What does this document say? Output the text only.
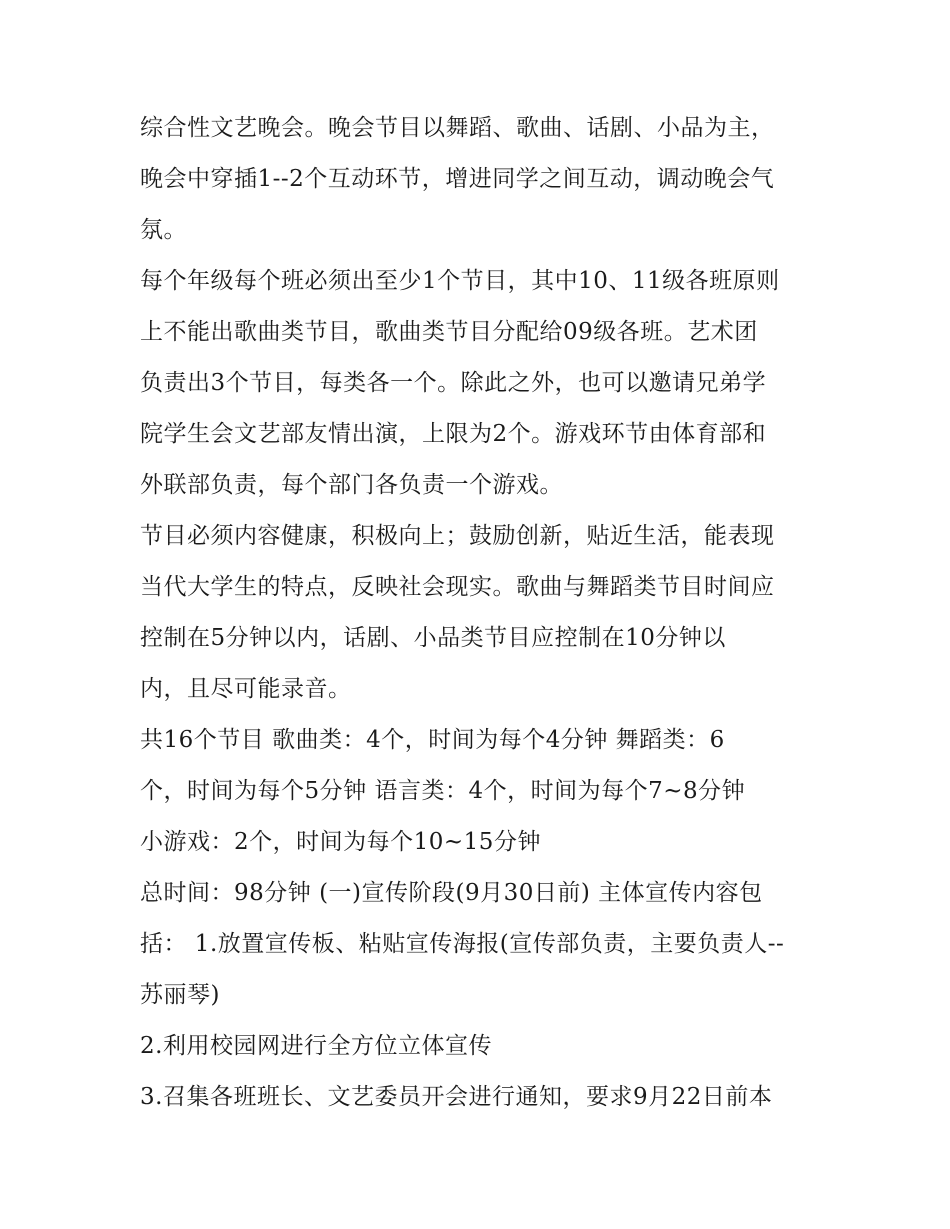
综合性文艺晚会。晚会节目以舞蹈、歌曲、话剧、小品为主，
晚会中穿插1--2个互动环节，增进同学之间互动，调动晚会气
氛。
每个年级每个班必须出至少1个节目，其中10、11级各班原则
上不能出歌曲类节目，歌曲类节目分配给09级各班。艺术团
负责出3个节目，每类各一个。除此之外，也可以邀请兄弟学
院学生会文艺部友情出演，上限为2个。游戏环节由体育部和
外联部负责，每个部门各负责一个游戏。
节目必须内容健康，积极向上；鼓励创新，贴近生活，能表现
当代大学生的特点，反映社会现实。歌曲与舞蹈类节目时间应
控制在5分钟以内，话剧、小品类节目应控制在10分钟以
内，且尽可能录音。
共16个节目 歌曲类：4个，时间为每个4分钟 舞蹈类：6
个，时间为每个5分钟 语言类：4个，时间为每个7~8分钟
小游戏：2个，时间为每个10~15分钟
总时间：98分钟 (一)宣传阶段(9月30日前) 主体宣传内容包
括： 1.放置宣传板、粘贴宣传海报(宣传部负责，主要负责人--
苏丽琴)
2.利用校园网进行全方位立体宣传
3.召集各班班长、文艺委员开会进行通知，要求9月22日前本
